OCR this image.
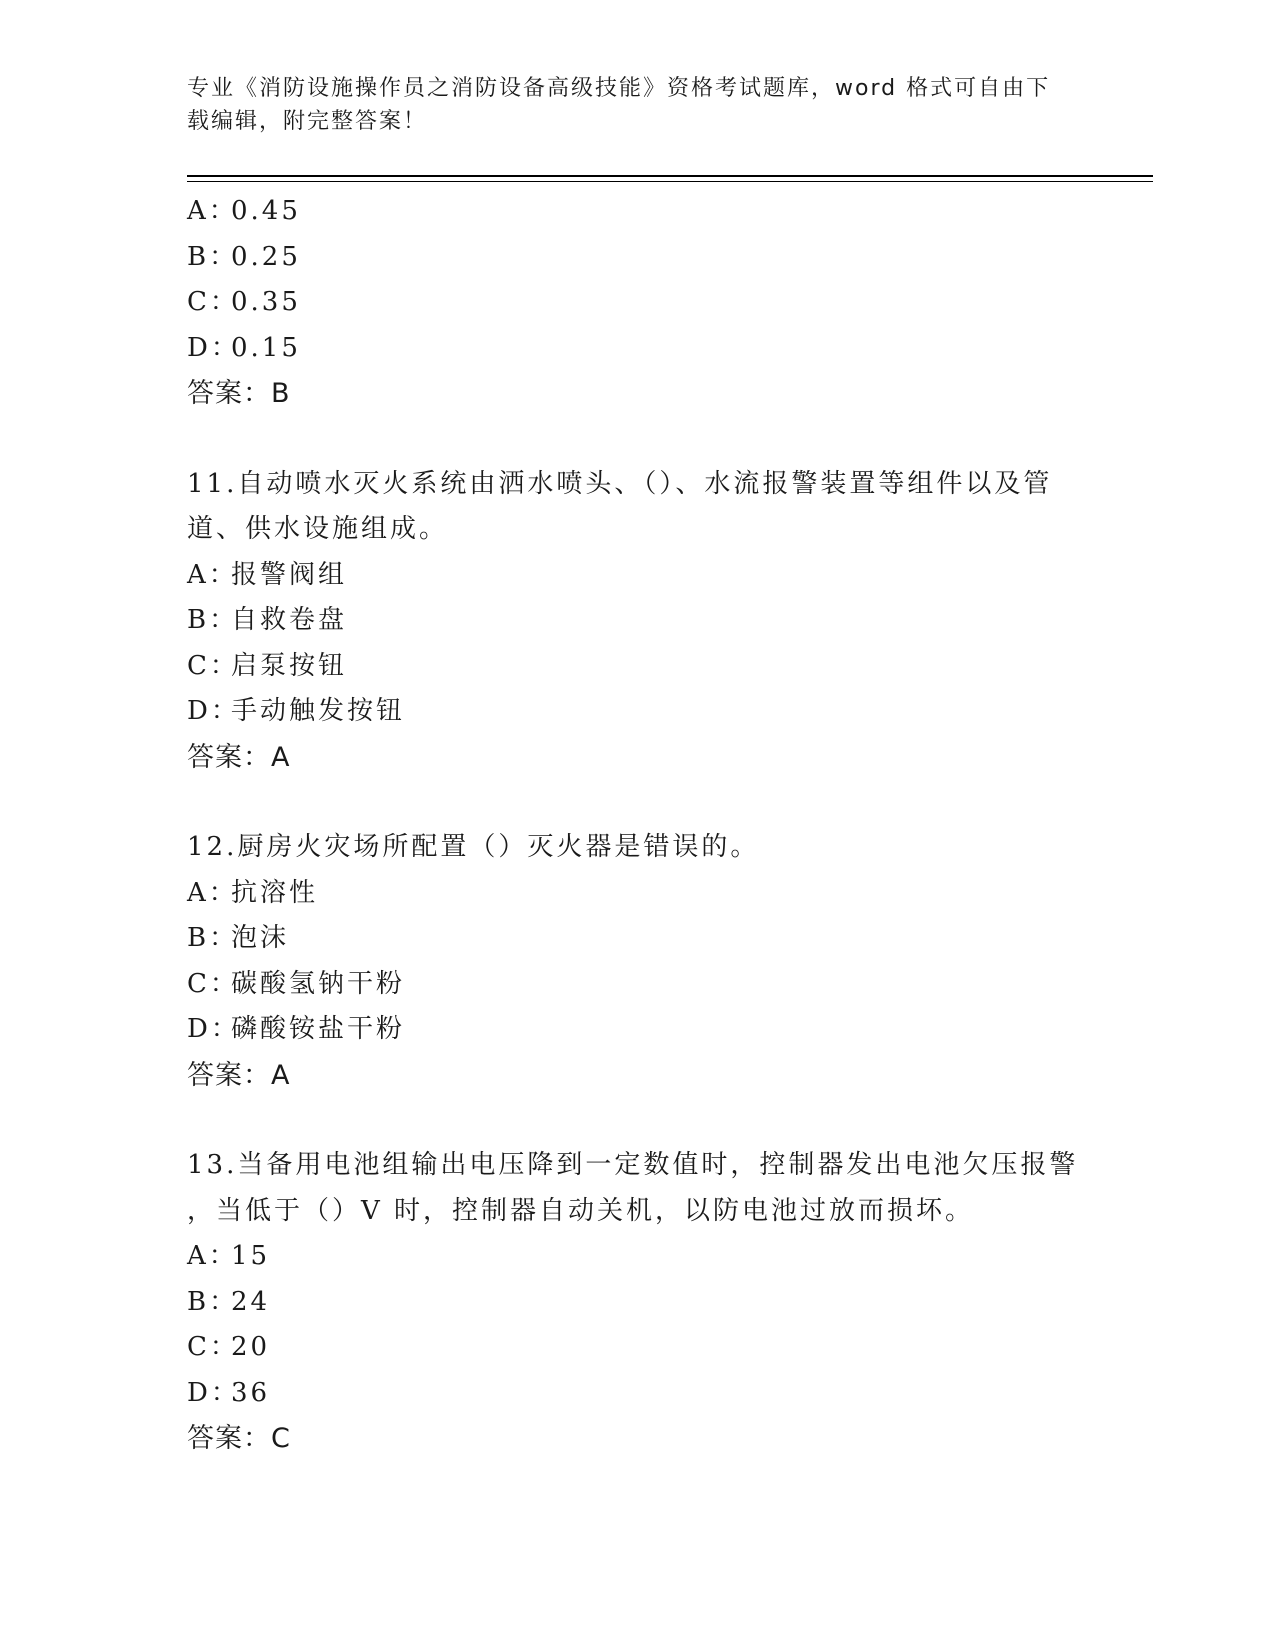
专业《消防设施操作员之消防设备高级技能》资格考试题库，word 格式可自由下
载编辑，附完整答案！
A：0.45
B：0.25
C：0.35
D：0.15
答案：B
11.自动喷水灭火系统由洒水喷头、（）、水流报警装置等组件以及管
道、供水设施组成。
A：报警阀组
B：自救卷盘
C：启泵按钮
D：手动触发按钮
答案：A
12.厨房火灾场所配置（）灭火器是错误的。
A：抗溶性
B：泡沫
C：碳酸氢钠干粉
D：磷酸铵盐干粉
答案：A
13.当备用电池组输出电压降到一定数值时，控制器发出电池欠压报警
，当低于（）V 时，控制器自动关机，以防电池过放而损坏。
A：15
B：24
C：20
D：36
答案：C
